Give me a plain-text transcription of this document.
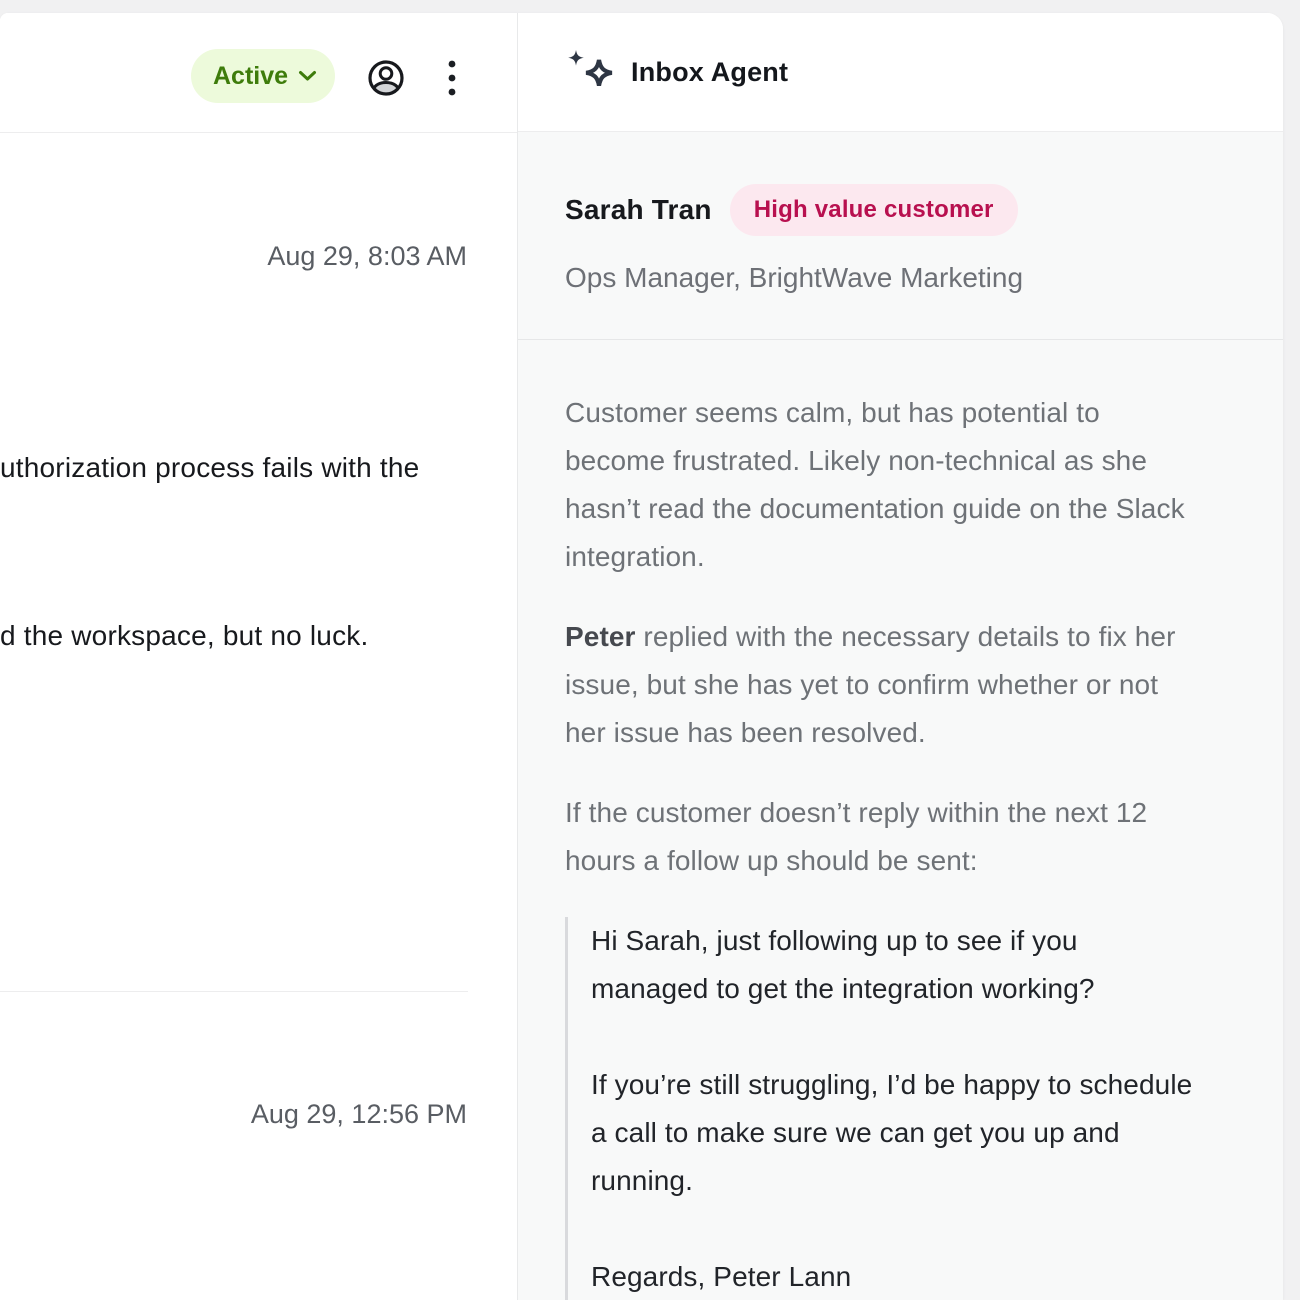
Active
Aug 29, 8:03 AM
uthorization process fails with the
d the workspace, but no luck.
Aug 29, 12:56 PM
Inbox Agent
Sarah Tran High value customer
Ops Manager, BrightWave Marketing

Customer seems calm, but has potential to
become frustrated. Likely non-technical as she
hasn’t read the documentation guide on the Slack
integration.

Peter replied with the necessary details to fix her
issue, but she has yet to confirm whether or not
her issue has been resolved.

If the customer doesn’t reply within the next 12
hours a follow up should be sent:

Hi Sarah, just following up to see if you
managed to get the integration working?

If you’re still struggling, I’d be happy to schedule
a call to make sure we can get you up and
running.

Regards, Peter Lann
